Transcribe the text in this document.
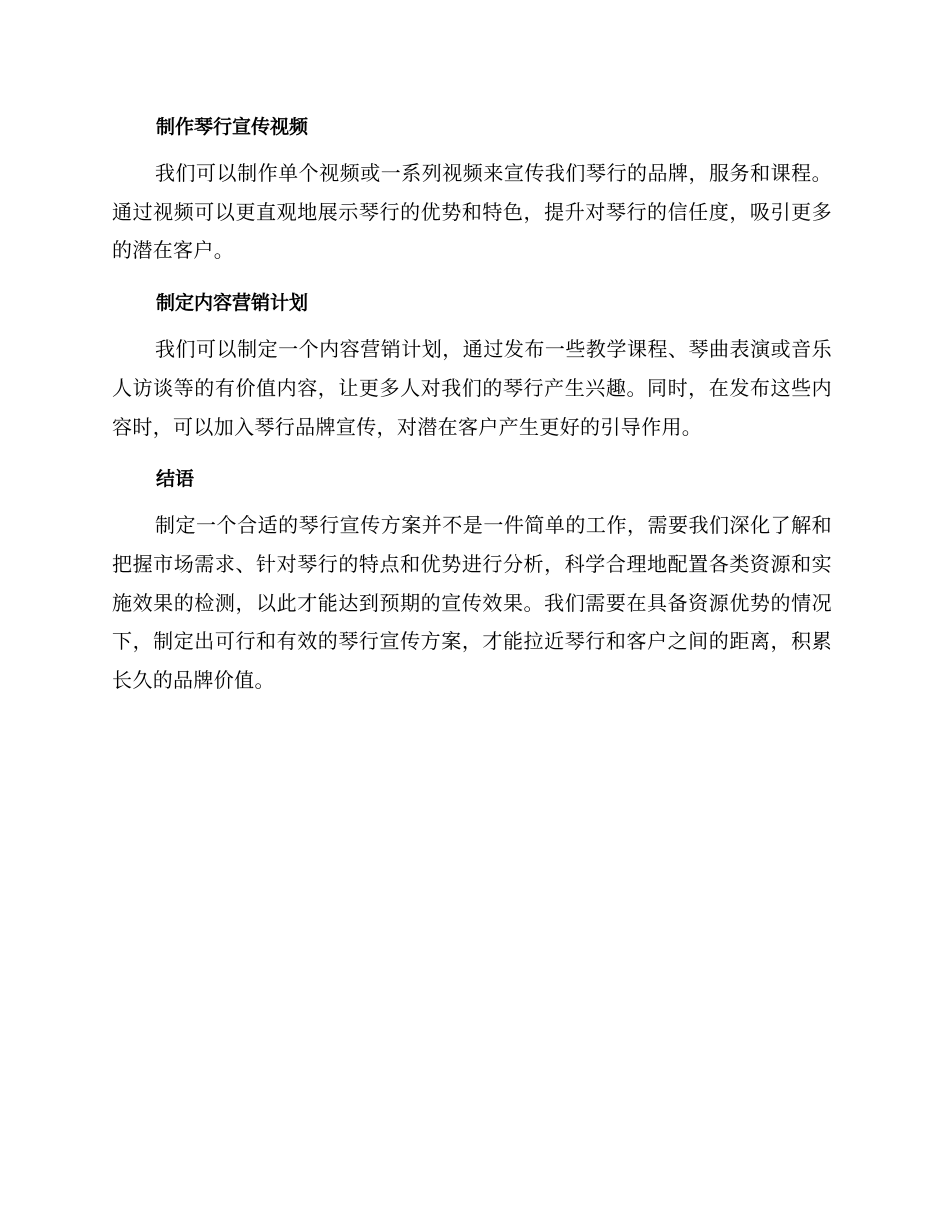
制作琴行宣传视频

我们可以制作单个视频或一系列视频来宣传我们琴行的品牌，服务和课程。通过视频可以更直观地展示琴行的优势和特色，提升对琴行的信任度，吸引更多的潜在客户。

制定内容营销计划

我们可以制定一个内容营销计划，通过发布一些教学课程、琴曲表演或音乐人访谈等的有价值内容，让更多人对我们的琴行产生兴趣。同时，在发布这些内容时，可以加入琴行品牌宣传，对潜在客户产生更好的引导作用。

结语

制定一个合适的琴行宣传方案并不是一件简单的工作，需要我们深化了解和把握市场需求、针对琴行的特点和优势进行分析，科学合理地配置各类资源和实施效果的检测，以此才能达到预期的宣传效果。我们需要在具备资源优势的情况下，制定出可行和有效的琴行宣传方案，才能拉近琴行和客户之间的距离，积累长久的品牌价值。
